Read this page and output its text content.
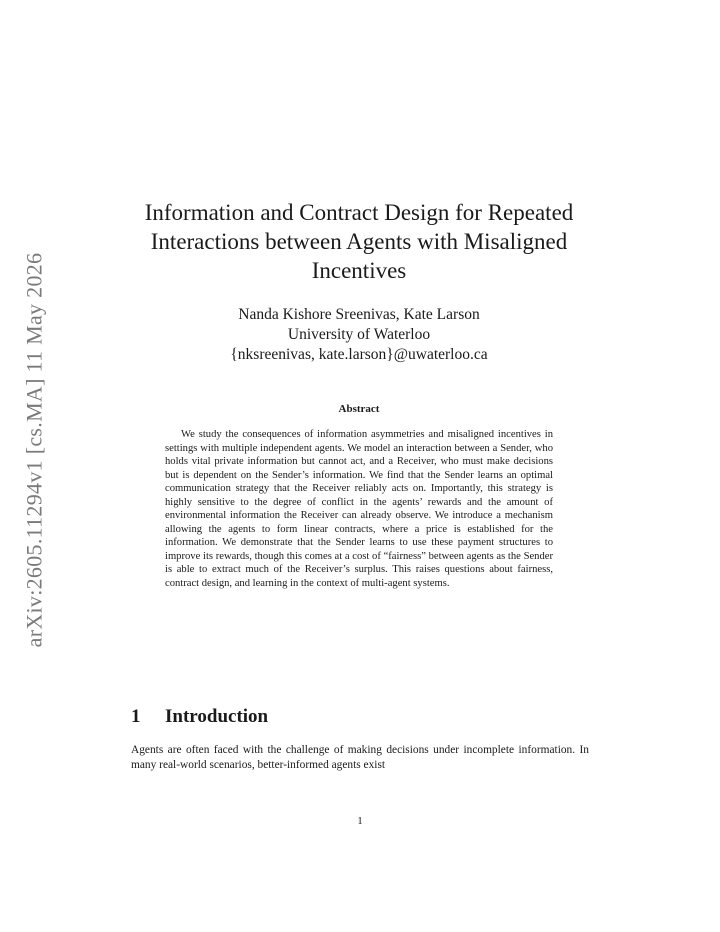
arXiv:2605.11294v1 [cs.MA] 11 May 2026
Information and Contract Design for Repeated Interactions between Agents with Misaligned Incentives
Nanda Kishore Sreenivas, Kate Larson
University of Waterloo
{nksreenivas, kate.larson}@uwaterloo.ca
Abstract

We study the consequences of information asymmetries and misaligned incentives in settings with multiple independent agents. We model an interaction between a Sender, who holds vital private information but cannot act, and a Receiver, who must make decisions but is dependent on the Sender’s information. We find that the Sender learns an optimal communication strategy that the Receiver reliably acts on. Importantly, this strategy is highly sensitive to the degree of conflict in the agents’ rewards and the amount of environmental information the Receiver can already observe. We introduce a mechanism allowing the agents to form linear contracts, where a price is established for the information. We demonstrate that the Sender learns to use these payment structures to improve its rewards, though this comes at a cost of “fairness” between agents as the Sender is able to extract much of the Receiver’s surplus. This raises questions about fairness, contract design, and learning in the context of multi-agent systems.

1 Introduction

Agents are often faced with the challenge of making decisions under incomplete information. In many real-world scenarios, better-informed agents exist

1
